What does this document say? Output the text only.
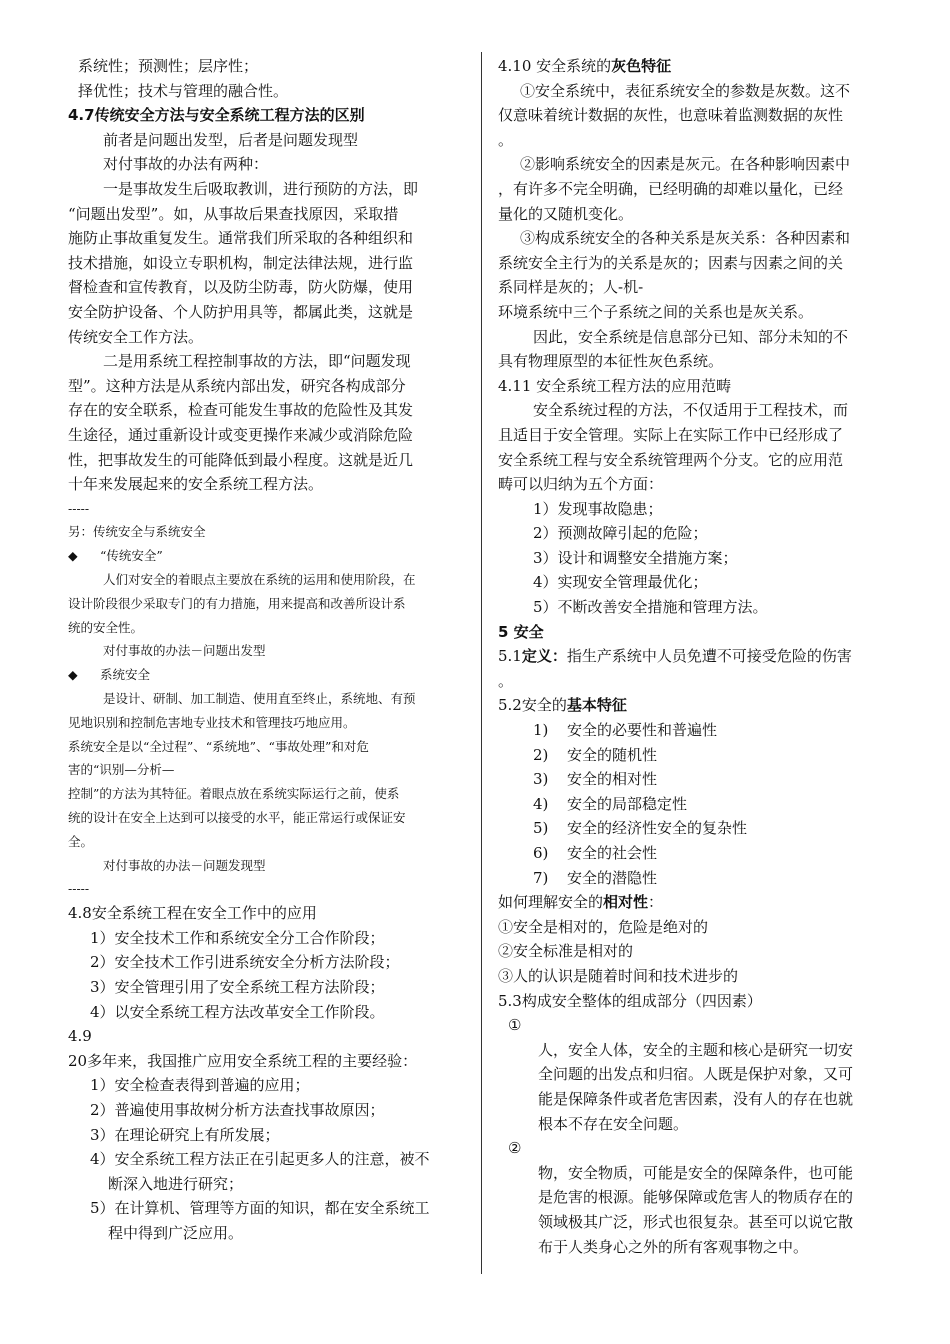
系统性；预测性；层序性；
择优性；技术与管理的融合性。
4.7传统安全方法与安全系统工程方法的区别
前者是问题出发型，后者是问题发现型
对付事故的办法有两种：
一是事故发生后吸取教训，进行预防的方法，即
“问题出发型”。如，从事故后果查找原因，采取措
施防止事故重复发生。通常我们所采取的各种组织和
技术措施，如设立专职机构，制定法律法规，进行监
督检查和宣传教育，以及防尘防毒，防火防爆，使用
安全防护设备、个人防护用具等，都属此类，这就是
传统安全工作方法。
二是用系统工程控制事故的方法，即“问题发现
型”。这种方法是从系统内部出发，研究各构成部分
存在的安全联系，检查可能发生事故的危险性及其发
生途径，通过重新设计或变更操作来减少或消除危险
性，把事故发生的可能降低到最小程度。这就是近几
十年来发展起来的安全系统工程方法。
-----
另：传统安全与系统安全
◆ “传统安全”
人们对安全的着眼点主要放在系统的运用和使用阶段，在
设计阶段很少采取专门的有力措施，用来提高和改善所设计系
统的安全性。
对付事故的办法－问题出发型
◆ 系统安全
是设计、研制、加工制造、使用直至终止，系统地、有预
见地识别和控制危害地专业技术和管理技巧地应用。
系统安全是以“全过程”、“系统地”、“事故处理”和对危
害的“识别—分析—
控制”的方法为其特征。着眼点放在系统实际运行之前，使系
统的设计在安全上达到可以接受的水平，能正常运行或保证安
全。
对付事故的办法－问题发现型
-----
4.8安全系统工程在安全工作中的应用
1）安全技术工作和系统安全分工合作阶段；
2）安全技术工作引进系统安全分析方法阶段；
3）安全管理引用了安全系统工程方法阶段；
4）以安全系统工程方法改革安全工作阶段。
4.9
20多年来，我国推广应用安全系统工程的主要经验：
1）安全检查表得到普遍的应用；
2）普遍使用事故树分析方法查找事故原因；
3）在理论研究上有所发展；
4）安全系统工程方法正在引起更多人的注意，被不
断深入地进行研究；
5）在计算机、管理等方面的知识，都在安全系统工
程中得到广泛应用。
4.10 安全系统的灰色特征
①安全系统中，表征系统安全的参数是灰数。这不
仅意味着统计数据的灰性，也意味着监测数据的灰性
。
②影响系统安全的因素是灰元。在各种影响因素中
，有许多不完全明确，已经明确的却难以量化，已经
量化的又随机变化。
③构成系统安全的各种关系是灰关系：各种因素和
系统安全主行为的关系是灰的；因素与因素之间的关
系同样是灰的；人-机-
环境系统中三个子系统之间的关系也是灰关系。
因此，安全系统是信息部分已知、部分未知的不
具有物理原型的本征性灰色系统。
4.11 安全系统工程方法的应用范畴
安全系统过程的方法，不仅适用于工程技术，而
且适目于安全管理。实际上在实际工作中已经形成了
安全系统工程与安全系统管理两个分支。它的应用范
畴可以归纳为五个方面：
1）发现事故隐患；
2）预测故障引起的危险；
3）设计和调整安全措施方案；
4）实现安全管理最优化；
5）不断改善安全措施和管理方法。
5 安全
5.1定义：指生产系统中人员免遭不可接受危险的伤害
。
5.2安全的基本特征
1) 安全的必要性和普遍性
2) 安全的随机性
3) 安全的相对性
4) 安全的局部稳定性
5) 安全的经济性安全的复杂性
6) 安全的社会性
7) 安全的潜隐性
如何理解安全的相对性：
①安全是相对的，危险是绝对的
②安全标准是相对的
③人的认识是随着时间和技术进步的
5.3构成安全整体的组成部分（四因素）
①
人，安全人体，安全的主题和核心是研究一切安
全问题的出发点和归宿。人既是保护对象，又可
能是保障条件或者危害因素，没有人的存在也就
根本不存在安全问题。
②
物，安全物质，可能是安全的保障条件，也可能
是危害的根源。能够保障或危害人的物质存在的
领域极其广泛，形式也很复杂。甚至可以说它散
布于人类身心之外的所有客观事物之中。
